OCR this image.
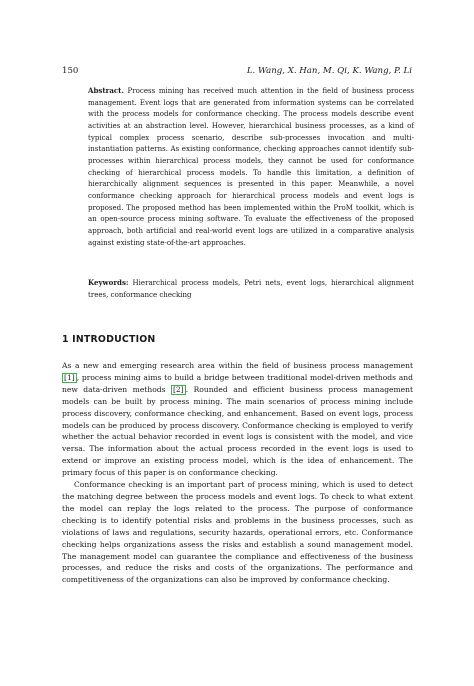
150	L. Wang, X. Han, M. Qi, K. Wang, P. Li
Abstract. Process mining has received much attention in the field of business process management. Event logs that are generated from information systems can be correlated with the process models for conformance checking. The process models describe event activities at an abstraction level. However, hierarchical business processes, as a kind of typical complex process scenario, describe sub-processes invocation and multi-instantiation patterns. As existing conformance, checking approaches cannot identify sub-processes within hierarchical process models, they cannot be used for conformance checking of hierarchical process models. To handle this limitation, a definition of hierarchically alignment sequences is presented in this paper. Meanwhile, a novel conformance checking approach for hierarchical process models and event logs is proposed. The proposed method has been implemented within the ProM toolkit, which is an open-source process mining software. To evaluate the effectiveness of the proposed approach, both artificial and real-world event logs are utilized in a comparative analysis against existing state-of-the-art approaches.
Keywords: Hierarchical process models, Petri nets, event logs, hierarchical alignment trees, conformance checking
1 INTRODUCTION

As a new and emerging research area within the field of business process management [1] , process mining aims to build a bridge between traditional model-driven methods and new data-driven methods [2] . Rounded and efficient business process management models can be built by process mining. The main scenarios of process mining include process discovery, conformance checking, and enhancement. Based on event logs, process models can be produced by process discovery. Conformance checking is employed to verify whether the actual behavior recorded in event logs is consistent with the model, and vice versa. The information about the actual process recorded in the event logs is used to extend or improve an existing process model, which is the idea of enhancement. The primary focus of this paper is on conformance checking.

Conformance checking is an important part of process mining, which is used to detect the matching degree between the process models and event logs. To check to what extent the model can replay the logs related to the process. The purpose of conformance checking is to identify potential risks and problems in the business processes, such as violations of laws and regulations, security hazards, operational errors, etc. Conformance checking helps organizations assess the risks and establish a sound management model. The management model can guarantee the compliance and effectiveness of the business processes, and reduce the risks and costs of the organizations. The performance and competitiveness of the organizations can also be improved by conformance checking.
